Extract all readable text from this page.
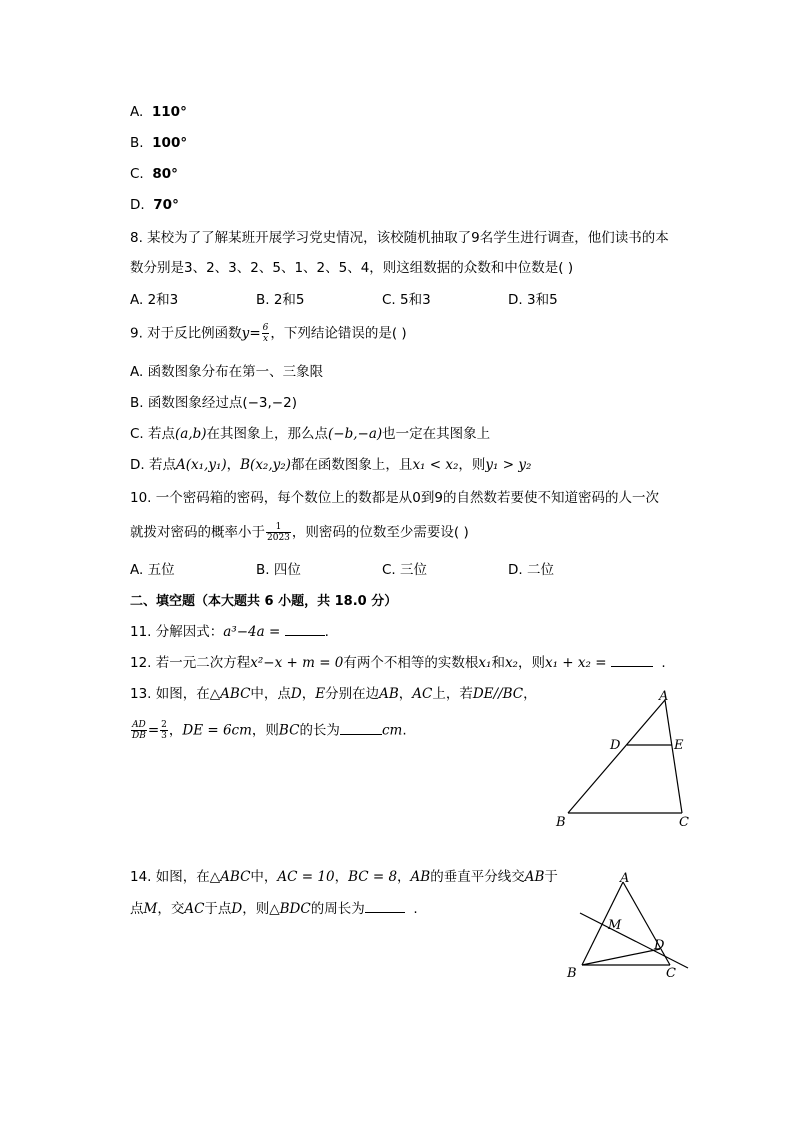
A. 110°
B. 100°
C. 80°
D. 70°
8. 某校为了了解某班开展学习党史情况，该校随机抽取了9名学生进行调查，他们读书的本
数分别是3、2、3、2、5、1、2、5、4，则这组数据的众数和中位数是( )
A. 2和3	B. 2和5	C. 5和3	D. 3和5
9. 对于反比例函数$y= \frac{6}{x}$ ，下列结论错误的是( )
A. 函数图象分布在第一、三象限
B. 函数图象经过点(−3,−2)
C. 若点(a,b)在其图象上，那么点(−b,−a)也一定在其图象上
D. 若点A(x₁,y₁)，B(x₂,y₂)都在函数图象上，且x₁ < x₂，则y₁ > y₂
10. 一个密码箱的密码，每个数位上的数都是从0到9的自然数若要使不知道密码的人一次
就拨对密码的概率小于 $\frac{1}{2023}$ ，则密码的位数至少需要设( )
A. 五位	B. 四位	C. 三位	D. 二位
二、填空题（本大题共 6 小题，共 18.0 分）
11. 分解因式：a³−4a =	.
12. 若一元二次方程x²−x + m = 0有两个不相等的实数根x₁和x₂，则x₁ + x₂ =	.
13. 如图，在△ABC中，点D，E分别在边AB，AC上，若DE//BC，
$\frac{AD}{DB} = \frac{2}{3}$ ，DE = 6cm，则BC的长为	cm.
A
D	E
B	C
14. 如图，在△ABC中，AC = 10，BC = 8，AB的垂直平分线交AB于
点M，交AC于点D，则△BDC的周长为	.
A
M
D
B	C
